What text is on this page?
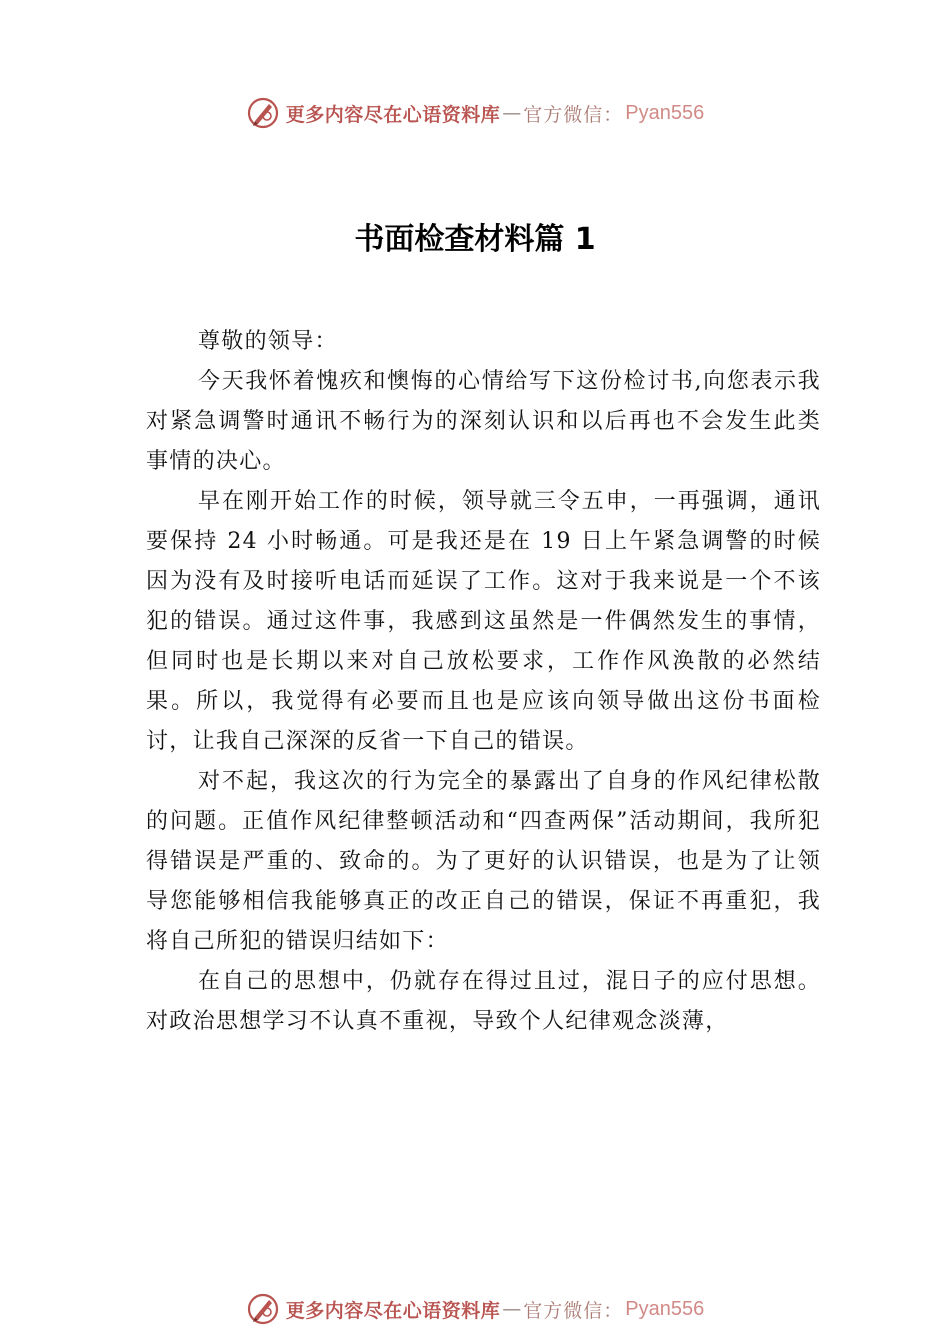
更多内容尽在心语资料库 — 官方微信： Pyan556
书面检查材料篇 1

尊敬的领导：

今天我怀着愧疚和懊悔的心情给写下这份检讨书,向您表示我对紧急调警时通讯不畅行为的深刻认识和以后再也不会发生此类事情的决心。

早在刚开始工作的时候，领导就三令五申，一再强调，通讯要保持 24 小时畅通。可是我还是在 19 日上午紧急调警的时候因为没有及时接听电话而延误了工作。这对于我来说是一个不该犯的错误。通过这件事，我感到这虽然是一件偶然发生的事情，但同时也是长期以来对自己放松要求，工作作风涣散的必然结果。所以，我觉得有必要而且也是应该向领导做出这份书面检讨，让我自己深深的反省一下自己的错误。

对不起，我这次的行为完全的暴露出了自身的作风纪律松散的问题。正值作风纪律整顿活动和“四查两保”活动期间，我所犯得错误是严重的、致命的。为了更好的认识错误，也是为了让领导您能够相信我能够真正的改正自己的错误，保证不再重犯，我将自己所犯的错误归结如下：

在自己的思想中，仍就存在得过且过，混日子的应付思想。对政治思想学习不认真不重视，导致个人纪律观念淡薄，

更多内容尽在心语资料库 — 官方微信： Pyan556
